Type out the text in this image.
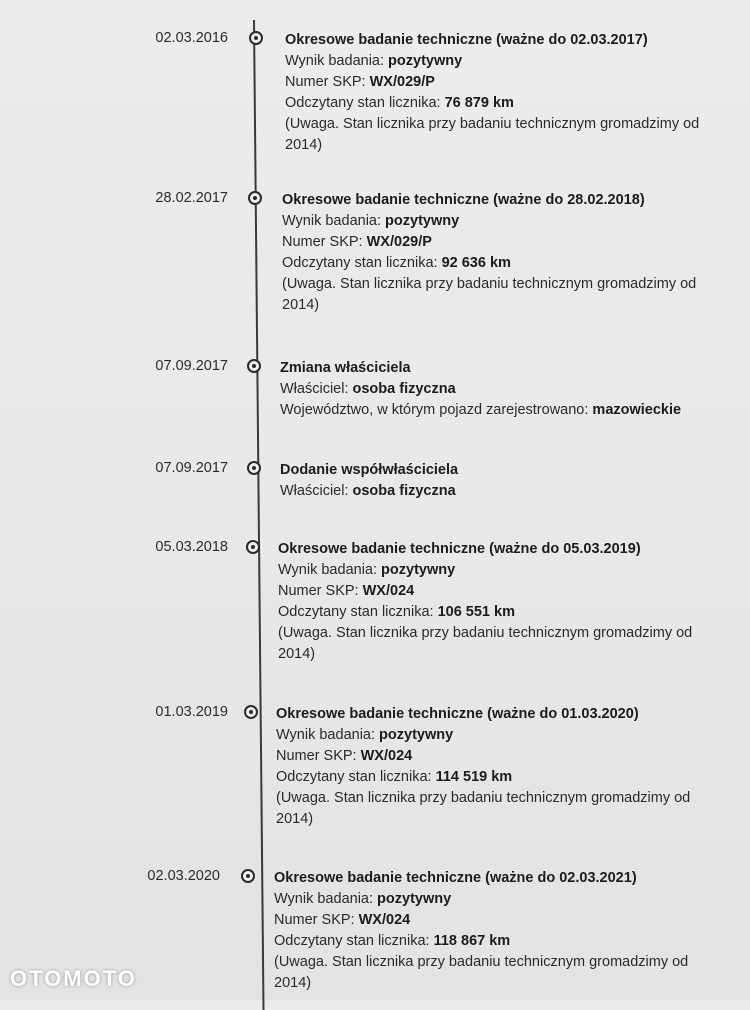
02.03.2016	Okresowe badanie techniczne (ważne do 02.03.2017)
Wynik badania: pozytywny
Numer SKP: WX/029/P
Odczytany stan licznika: 76 879 km
(Uwaga. Stan licznika przy badaniu technicznym gromadzimy od 2014)
28.02.2017	Okresowe badanie techniczne (ważne do 28.02.2018)
Wynik badania: pozytywny
Numer SKP: WX/029/P
Odczytany stan licznika: 92 636 km
(Uwaga. Stan licznika przy badaniu technicznym gromadzimy od 2014)
07.09.2017	Zmiana właściciela
Właściciel: osoba fizyczna
Województwo, w którym pojazd zarejestrowano: mazowieckie
07.09.2017	Dodanie współwłaściciela
Właściciel: osoba fizyczna
05.03.2018	Okresowe badanie techniczne (ważne do 05.03.2019)
Wynik badania: pozytywny
Numer SKP: WX/024
Odczytany stan licznika: 106 551 km
(Uwaga. Stan licznika przy badaniu technicznym gromadzimy od 2014)
01.03.2019	Okresowe badanie techniczne (ważne do 01.03.2020)
Wynik badania: pozytywny
Numer SKP: WX/024
Odczytany stan licznika: 114 519 km
(Uwaga. Stan licznika przy badaniu technicznym gromadzimy od 2014)
02.03.2020	Okresowe badanie techniczne (ważne do 02.03.2021)
Wynik badania: pozytywny
Numer SKP: WX/024
Odczytany stan licznika: 118 867 km
(Uwaga. Stan licznika przy badaniu technicznym gromadzimy od 2014)
OTOMOTO
